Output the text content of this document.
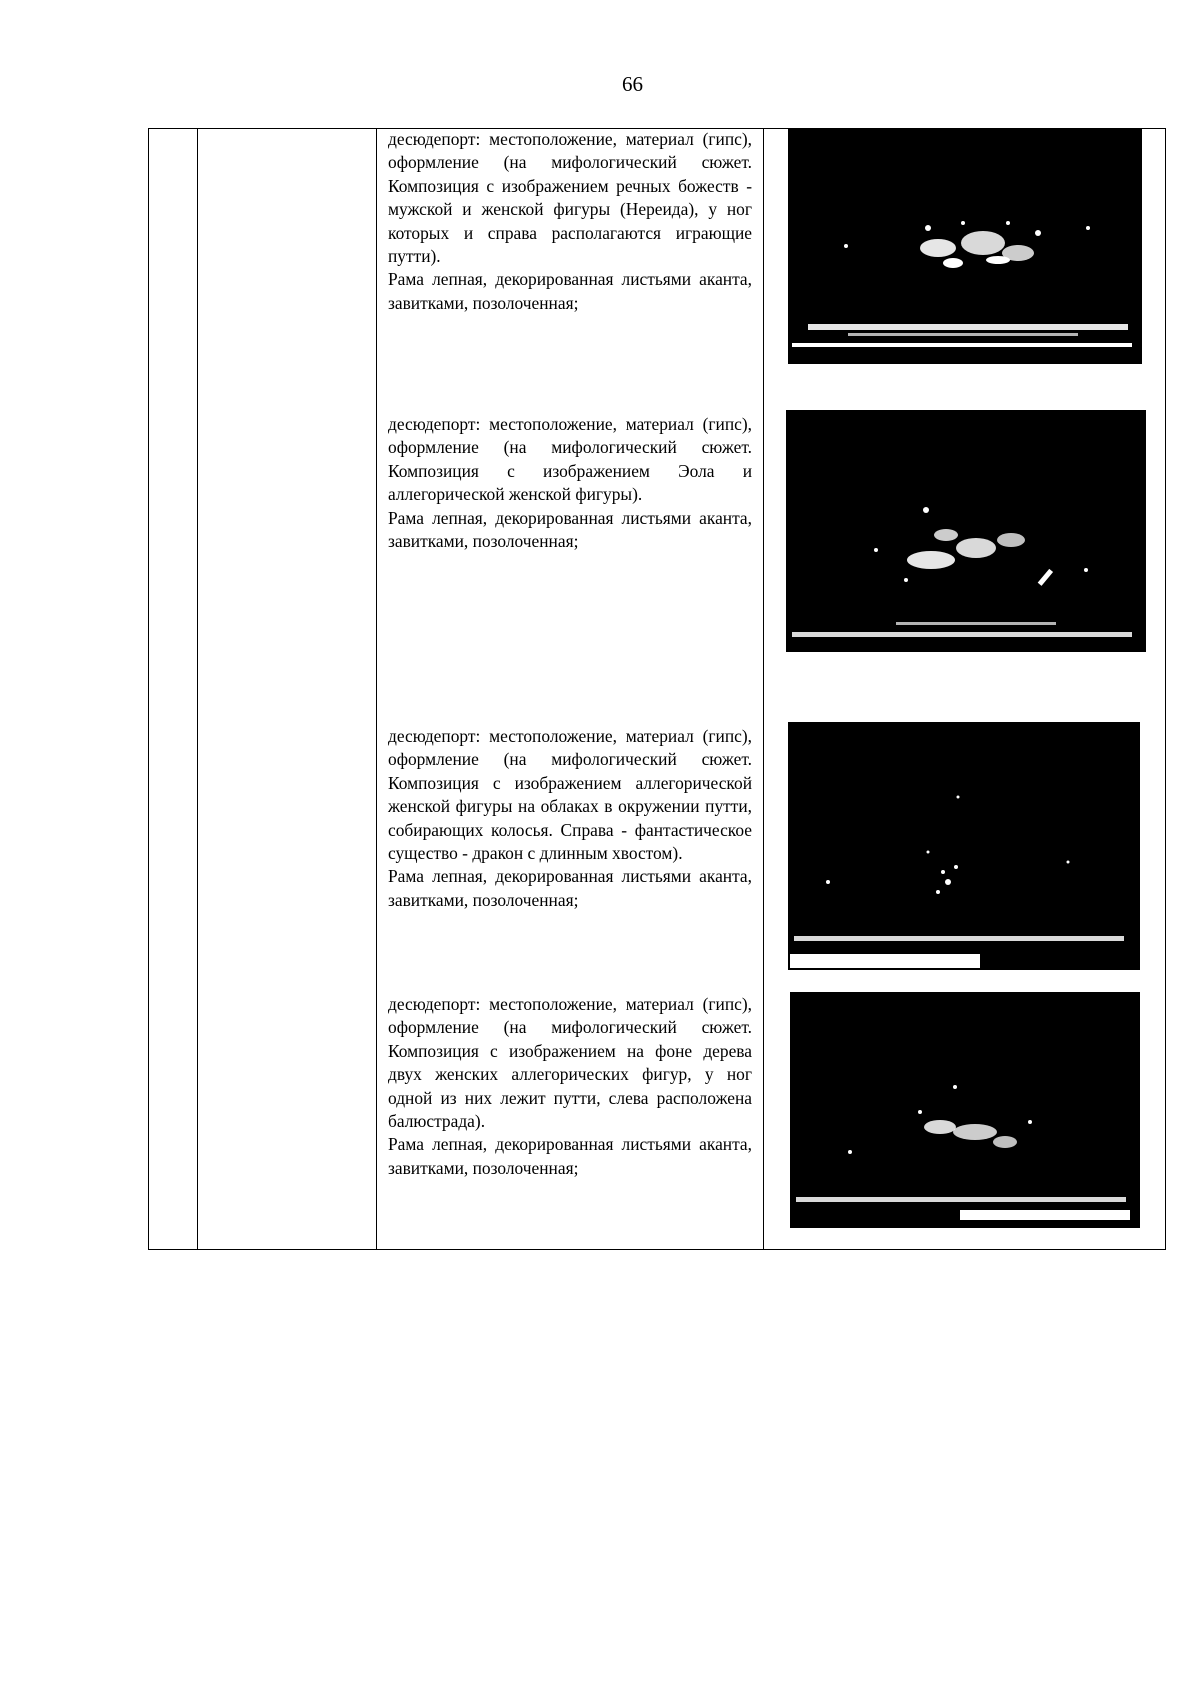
66

десюдепорт: местоположение, материал (гипс), оформление (на мифологический сюжет. Композиция с изображением речных божеств - мужской и женской фигуры (Нереида), у ног которых и справа располагаются играющие путти).

Рама лепная, декорированная листьями аканта, завитками, позолоченная;

десюдепорт: местоположение, материал (гипс), оформление (на мифологический сюжет. Композиция с изображением Эола и аллегорической женской фигуры).

Рама лепная, декорированная листьями аканта, завитками, позолоченная;

десюдепорт: местоположение, материал (гипс), оформление (на мифологический сюжет. Композиция с изображением аллегорической женской фигуры на облаках в окружении путти, собирающих колосья. Справа - фантастическое существо - дракон с длинным хвостом).

Рама лепная, декорированная листьями аканта, завитками, позолоченная;

десюдепорт: местоположение, материал (гипс), оформление (на мифологический сюжет. Композиция с изображением на фоне дерева двух женских аллегорических фигур, у ног одной из них лежит путти, слева расположена балюстрада).

Рама лепная, декорированная листьями аканта, завитками, позолоченная;
